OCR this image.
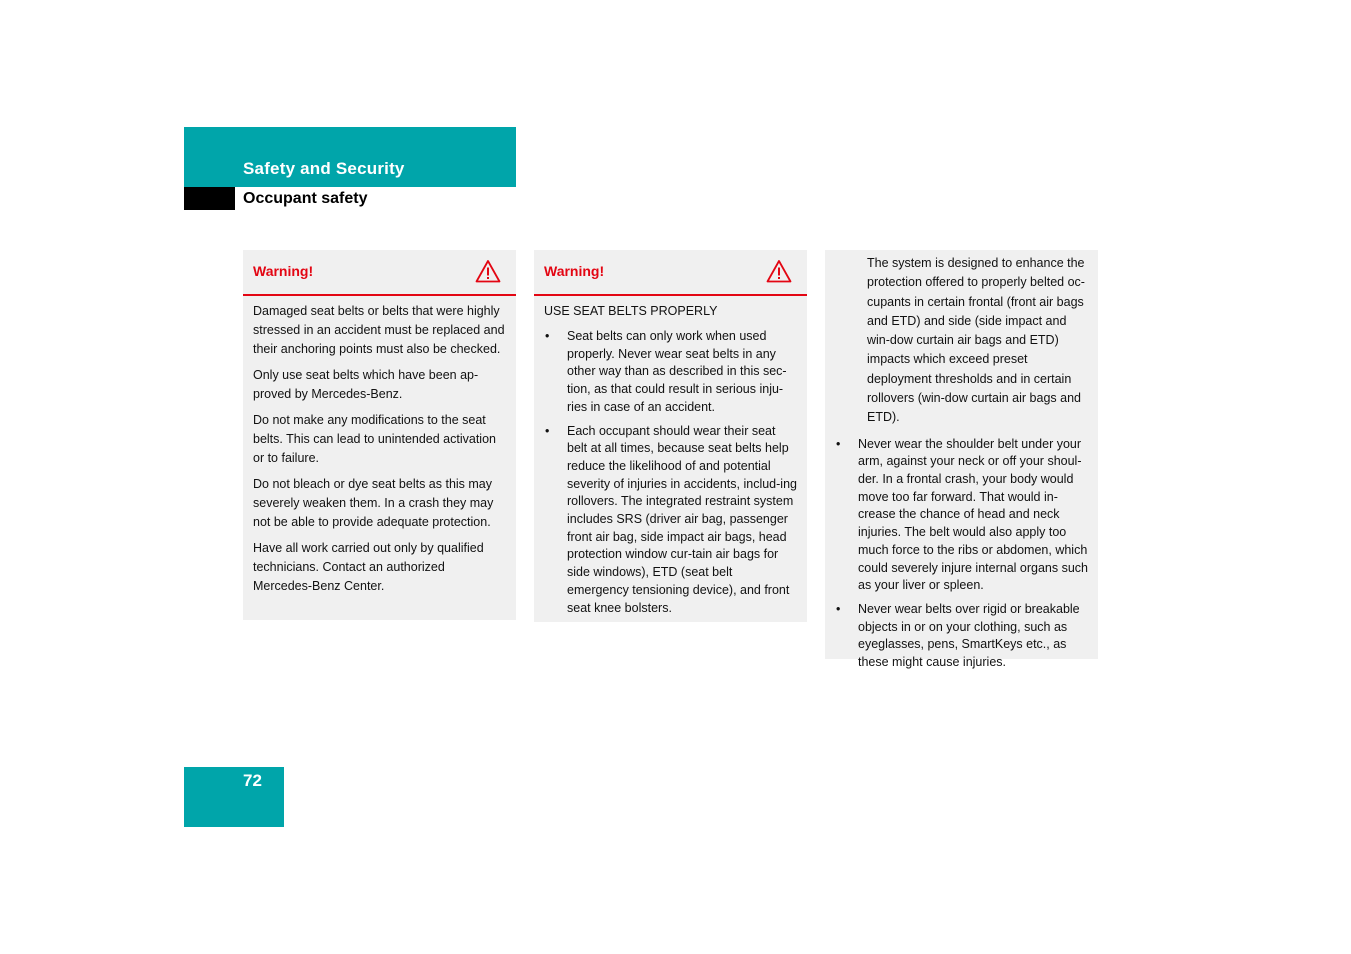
Safety and Security
Occupant safety
Warning!

Damaged seat belts or belts that were highly stressed in an accident must be replaced and their anchoring points must also be checked.

Only use seat belts which have been ap-proved by Mercedes-Benz.

Do not make any modifications to the seat belts. This can lead to unintended activation or to failure.

Do not bleach or dye seat belts as this may severely weaken them. In a crash they may not be able to provide adequate protection.

Have all work carried out only by qualified technicians. Contact an authorized Mercedes-Benz Center.

Warning!

USE SEAT BELTS PROPERLY

• Seat belts can only work when used properly. Never wear seat belts in any other way than as described in this sec-tion, as that could result in serious inju-ries in case of an accident.
• Each occupant should wear their seat belt at all times, because seat belts help reduce the likelihood of and potential severity of injuries in accidents, includ-ing rollovers. The integrated restraint system includes SRS (driver air bag, passenger front air bag, side impact air bags, head protection window cur-tain air bags for side windows), ETD (seat belt emergency tensioning device), and front seat knee bolsters.

The system is designed to enhance the protection offered to properly belted oc-cupants in certain frontal (front air bags and ETD) and side (side impact and win-dow curtain air bags and ETD) impacts which exceed preset deployment thresholds and in certain rollovers (win-dow curtain air bags and ETD).

• Never wear the shoulder belt under your arm, against your neck or off your shoul-der. In a frontal crash, your body would move too far forward. That would in-crease the chance of head and neck injuries. The belt would also apply too much force to the ribs or abdomen, which could severely injure internal organs such as your liver or spleen.
• Never wear belts over rigid or breakable objects in or on your clothing, such as eyeglasses, pens, SmartKeys etc., as these might cause injuries.
72
